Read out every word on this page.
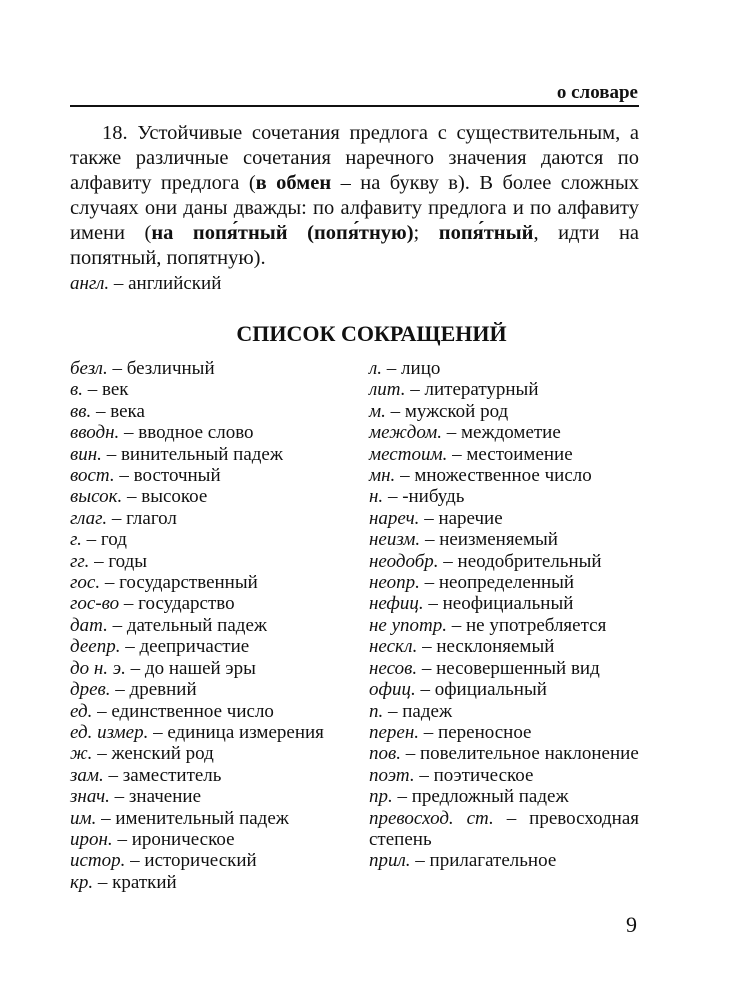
о словаре

18. Устойчивые сочетания предлога с существительным, а также различные сочетания наречного значения даются по алфавиту предлога (в обмен – на букву в). В более сложных случаях они даны дважды: по алфавиту предлога и по алфавиту имени (на попя́тный (попя́тную); попя́тный, идти на попятный, попятную).

англ. – английский

СПИСОК СОКРАЩЕНИЙ
безл. – безличный
в. – век
вв. – века
вводн. – вводное слово
вин. – винительный падеж
вост. – восточный
высок. – высокое
глаг. – глагол
г. – год
гг. – годы
гос. – государственный
гос-во – государство
дат. – дательный падеж
деепр. – деепричастие
до н. э. – до нашей эры
древ. – древний
ед. – единственное число
ед. измер. – единица измерения
ж. – женский род
зам. – заместитель
знач. – значение
им. – именительный падеж
ирон. – ироническое
истор. – исторический
кр. – краткий
л. – лицо
лит. – литературный
м. – мужской род
междом. – междометие
местоим. – местоимение
мн. – множественное число
н. – -нибудь
нареч. – наречие
неизм. – неизменяемый
неодобр. – неодобрительный
неопр. – неопределенный
нефиц. – неофициальный
не употр. – не употребляется
нескл. – несклоняемый
несов. – несовершенный вид
офиц. – официальный
п. – падеж
перен. – переносное
пов. – повелительное наклонение
поэт. – поэтическое
пр. – предложный падеж
превосход. ст. – превосходная степень
прил. – прилагательное
9
